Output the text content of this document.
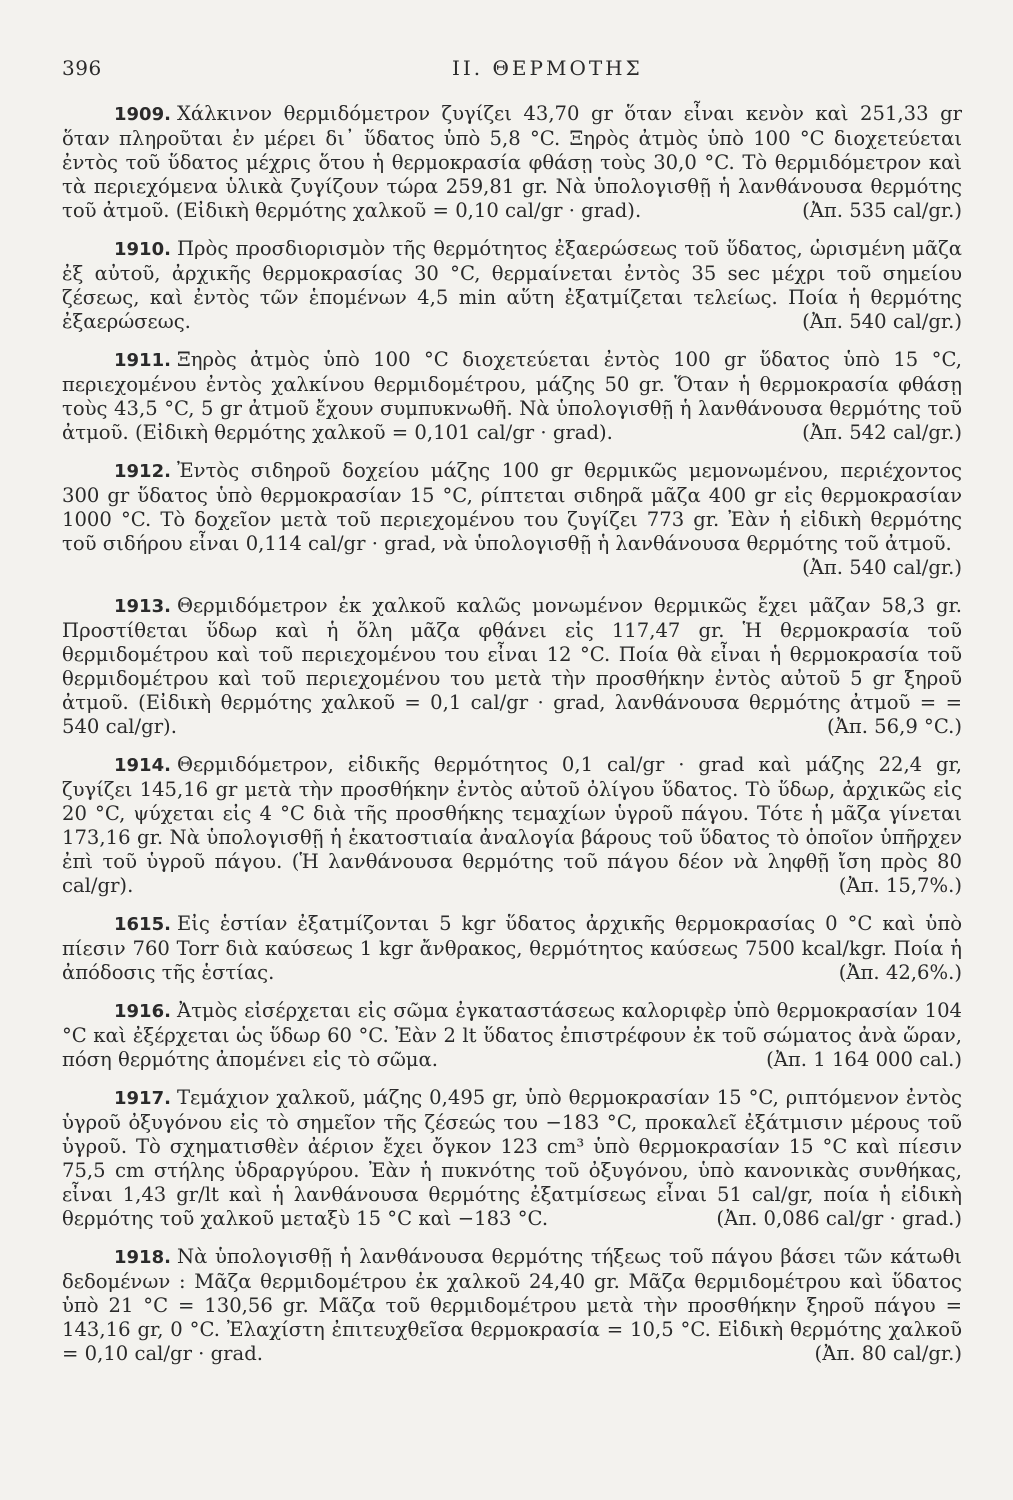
396	II. ΘΕΡΜΟΤΗΣ

1909. Χάλκινον θερμιδόμετρον ζυγίζει 43,70 gr ὅταν εἶναι κενὸν καὶ 251,33 gr ὅταν πληροῦται ἐν μέρει δι᾽ ὕδατος ὑπὸ 5,8 °C. Ξηρὸς ἀτμὸς ὑπὸ 100 °C διοχετεύεται ἐντὸς τοῦ ὕδατος μέχρις ὅτου ἡ θερμοκρασία φθάσῃ τοὺς 30,0 °C. Τὸ θερμιδόμετρον καὶ τὰ περιεχόμενα ὑλικὰ ζυγίζουν τώρα 259,81 gr. Νὰ ὑπολογισθῇ ἡ λανθάνουσα θερμότης τοῦ ἀτμοῦ. (Εἰδικὴ θερμότης χαλκοῦ = 0,10 cal/gr · grad).	(Ἀπ. 535 cal/gr.)

1910. Πρὸς προσδιορισμὸν τῆς θερμότητος ἐξαερώσεως τοῦ ὕδατος, ὡρισμένη μᾶζα ἐξ αὐτοῦ, ἀρχικῆς θερμοκρασίας 30 °C, θερμαίνεται ἐντὸς 35 sec μέχρι τοῦ σημείου ζέσεως, καὶ ἐντὸς τῶν ἑπομένων 4,5 min αὕτη ἐξατμίζεται τελείως. Ποία ἡ θερμότης ἐξαερώσεως.	(Ἀπ. 540 cal/gr.)

1911. Ξηρὸς ἀτμὸς ὑπὸ 100 °C διοχετεύεται ἐντὸς 100 gr ὕδατος ὑπὸ 15 °C, περιεχομένου ἐντὸς χαλκίνου θερμιδομέτρου, μάζης 50 gr. Ὅταν ἡ θερμοκρασία φθάσῃ τοὺς 43,5 °C, 5 gr ἀτμοῦ ἔχουν συμπυκνωθῆ. Νὰ ὑπολογισθῇ ἡ λανθάνουσα θερμότης τοῦ ἀτμοῦ. (Εἰδικὴ θερμότης χαλκοῦ = 0,101 cal/gr · grad).	(Ἀπ. 542 cal/gr.)

1912. Ἐντὸς σιδηροῦ δοχείου μάζης 100 gr θερμικῶς μεμονωμένου, περιέχοντος 300 gr ὕδατος ὑπὸ θερμοκρασίαν 15 °C, ρίπτεται σιδηρᾶ μᾶζα 400 gr εἰς θερμοκρασίαν 1000 °C. Τὸ δοχεῖον μετὰ τοῦ περιεχομένου του ζυγίζει 773 gr. Ἐὰν ἡ εἰδικὴ θερμότης τοῦ σιδήρου εἶναι 0,114 cal/gr · grad, νὰ ὑπολογισθῇ ἡ λανθάνουσα θερμότης τοῦ ἀτμοῦ.
(Ἀπ. 540 cal/gr.)

1913. Θερμιδόμετρον ἐκ χαλκοῦ καλῶς μονωμένον θερμικῶς ἔχει μᾶζαν 58,3 gr. Προστίθεται ὕδωρ καὶ ἡ ὅλη μᾶζα φθάνει εἰς 117,47 gr. Ἡ θερμοκρασία τοῦ θερμιδομέτρου καὶ τοῦ περιεχομένου του εἶναι 12 °C. Ποία θὰ εἶναι ἡ θερμοκρασία τοῦ θερμιδομέτρου καὶ τοῦ περιεχομένου του μετὰ τὴν προσθήκην ἐντὸς αὐτοῦ 5 gr ξηροῦ ἀτμοῦ. (Εἰδικὴ θερμότης χαλκοῦ = 0,1 cal/gr · grad, λανθάνουσα θερμότης ἀτμοῦ = = 540 cal/gr).	(Ἀπ. 56,9 °C.)

1914. Θερμιδόμετρον, εἰδικῆς θερμότητος 0,1 cal/gr · grad καὶ μάζης 22,4 gr, ζυγίζει 145,16 gr μετὰ τὴν προσθήκην ἐντὸς αὐτοῦ ὀλίγου ὕδατος. Τὸ ὕδωρ, ἀρχικῶς εἰς 20 °C, ψύχεται εἰς 4 °C διὰ τῆς προσθήκης τεμαχίων ὑγροῦ πάγου. Τότε ἡ μᾶζα γίνεται 173,16 gr. Νὰ ὑπολογισθῇ ἡ ἑκατοστιαία ἀναλογία βάρους τοῦ ὕδατος τὸ ὁποῖον ὑπῆρχεν ἐπὶ τοῦ ὑγροῦ πάγου. (Ἡ λανθάνουσα θερμότης τοῦ πάγου δέον νὰ ληφθῇ ἴση πρὸς 80 cal/gr).	(Ἀπ. 15,7%.)

1615. Εἰς ἑστίαν ἐξατμίζονται 5 kgr ὕδατος ἀρχικῆς θερμοκρασίας 0 °C καὶ ὑπὸ πίεσιν 760 Torr διὰ καύσεως 1 kgr ἄνθρακος, θερμότητος καύσεως 7500 kcal/kgr. Ποία ἡ ἀπόδοσις τῆς ἑστίας.	(Ἀπ. 42,6%.)

1916. Ἀτμὸς εἰσέρχεται εἰς σῶμα ἐγκαταστάσεως καλοριφὲρ ὑπὸ θερμοκρασίαν 104 °C καὶ ἐξέρχεται ὡς ὕδωρ 60 °C. Ἐὰν 2 lt ὕδατος ἐπιστρέφουν ἐκ τοῦ σώματος ἀνὰ ὥραν, πόση θερμότης ἀπομένει εἰς τὸ σῶμα.	(Ἀπ. 1 164 000 cal.)

1917. Τεμάχιον χαλκοῦ, μάζης 0,495 gr, ὑπὸ θερμοκρασίαν 15 °C, ριπτόμενον ἐντὸς ὑγροῦ ὀξυγόνου εἰς τὸ σημεῖον τῆς ζέσεώς του −183 °C, προκαλεῖ ἐξάτμισιν μέρους τοῦ ὑγροῦ. Τὸ σχηματισθὲν ἀέριον ἔχει ὄγκον 123 cm³ ὑπὸ θερμοκρασίαν 15 °C καὶ πίεσιν 75,5 cm στήλης ὑδραργύρου. Ἐὰν ἡ πυκνότης τοῦ ὀξυγόνου, ὑπὸ κανονικὰς συνθήκας, εἶναι 1,43 gr/lt καὶ ἡ λανθάνουσα θερμότης ἐξατμίσεως εἶναι 51 cal/gr, ποία ἡ εἰδικὴ θερμότης τοῦ χαλκοῦ μεταξὺ 15 °C καὶ −183 °C.	(Ἀπ. 0,086 cal/gr · grad.)

1918. Νὰ ὑπολογισθῇ ἡ λανθάνουσα θερμότης τήξεως τοῦ πάγου βάσει τῶν κάτωθι δεδομένων : Μᾶζα θερμιδομέτρου ἐκ χαλκοῦ 24,40 gr. Μᾶζα θερμιδομέτρου καὶ ὕδατος ὑπὸ 21 °C = 130,56 gr. Μᾶζα τοῦ θερμιδομέτρου μετὰ τὴν προσθήκην ξηροῦ πάγου = 143,16 gr, 0 °C. Ἐλαχίστη ἐπιτευχθεῖσα θερμοκρασία = 10,5 °C. Εἰδικὴ θερμότης χαλκοῦ = 0,10 cal/gr · grad.	(Ἀπ. 80 cal/gr.)
